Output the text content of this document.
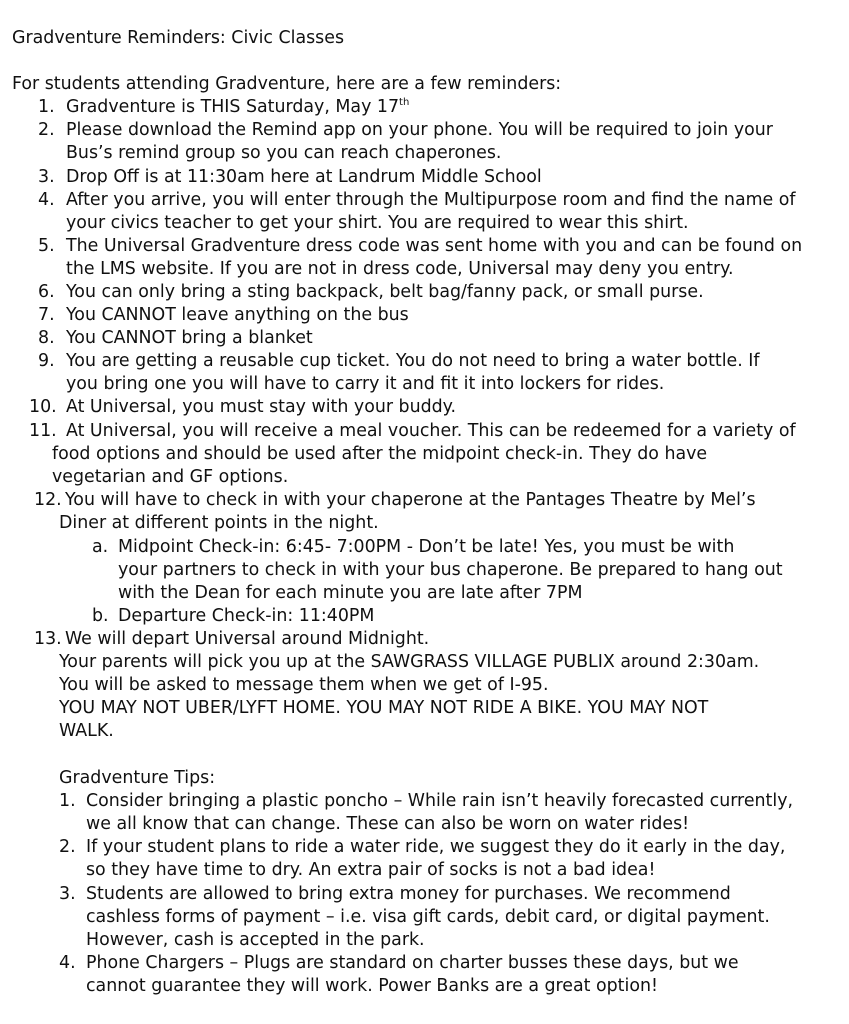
Gradventure Reminders: Civic Classes
For students attending Gradventure, here are a few reminders:
1. Gradventure is THIS Saturday, May 17th
2. Please download the Remind app on your phone. You will be required to join your
Bus’s remind group so you can reach chaperones.
3. Drop Off is at 11:30am here at Landrum Middle School
4. After you arrive, you will enter through the Multipurpose room and find the name of
your civics teacher to get your shirt. You are required to wear this shirt.
5. The Universal Gradventure dress code was sent home with you and can be found on
the LMS website. If you are not in dress code, Universal may deny you entry.
6. You can only bring a sting backpack, belt bag/fanny pack, or small purse.
7. You CANNOT leave anything on the bus
8. You CANNOT bring a blanket
9. You are getting a reusable cup ticket. You do not need to bring a water bottle. If
you bring one you will have to carry it and fit it into lockers for rides.
10. At Universal, you must stay with your buddy.
11. At Universal, you will receive a meal voucher. This can be redeemed for a variety of
food options and should be used after the midpoint check-in. They do have
vegetarian and GF options.
12. You will have to check in with your chaperone at the Pantages Theatre by Mel’s
Diner at different points in the night.
a. Midpoint Check-in: 6:45- 7:00PM - Don’t be late! Yes, you must be with
your partners to check in with your bus chaperone. Be prepared to hang out
with the Dean for each minute you are late after 7PM
b. Departure Check-in: 11:40PM
13. We will depart Universal around Midnight.
Your parents will pick you up at the SAWGRASS VILLAGE PUBLIX around 2:30am.
You will be asked to message them when we get of I-95.
YOU MAY NOT UBER/LYFT HOME. YOU MAY NOT RIDE A BIKE. YOU MAY NOT
WALK.
Gradventure Tips:
1. Consider bringing a plastic poncho – While rain isn’t heavily forecasted currently,
we all know that can change. These can also be worn on water rides!
2. If your student plans to ride a water ride, we suggest they do it early in the day,
so they have time to dry. An extra pair of socks is not a bad idea!
3. Students are allowed to bring extra money for purchases. We recommend
cashless forms of payment – i.e. visa gift cards, debit card, or digital payment.
However, cash is accepted in the park.
4. Phone Chargers – Plugs are standard on charter busses these days, but we
cannot guarantee they will work. Power Banks are a great option!
